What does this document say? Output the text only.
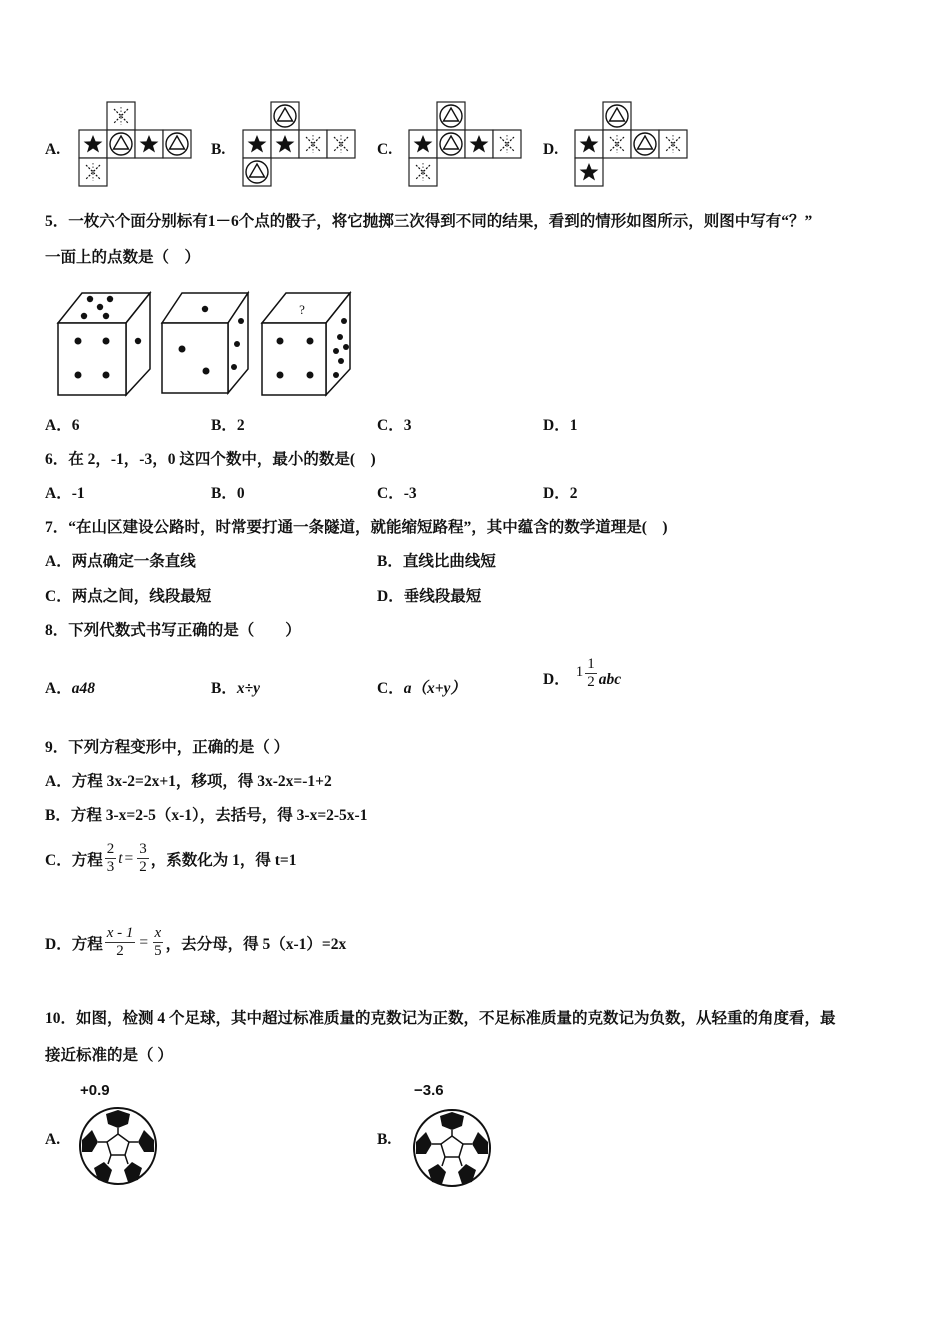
A.	B.	C.	D.
5．一枚六个面分别标有1－6个点的骰子，将它抛掷三次得到不同的结果，看到的情形如图所示，则图中写有“？”
一面上的点数是（　）
?
A．6	B．2	C．3	D．1
6．在 2，-1，-3，0 这四个数中，最小的数是(　)
A．-1	B．0	C．-3	D．2
7．“在山区建设公路时，时常要打通一条隧道，就能缩短路程”，其中蕴含的数学道理是(　)
A．两点确定一条直线	B．直线比曲线短
C．两点之间，线段最短	D．垂线段最短
8．下列代数式书写正确的是（　　）
A．a48	B．x÷y	C．a（x+y）
D． $1 \frac{1}{2}$ abc
9．下列方程变形中，正确的是（ ）
A．方程 3x-2=2x+1，移项，得 3x-2x=-1+2
B．方程 3-x=2-5（x-1），去括号，得 3-x=2-5x-1
C．方程 $\frac{2}{3}$ $t = \frac{3}{2}$ ，系数化为 1，得 t=1
D．方程 $\frac{x - 1}{2} = \frac{x}{5}$ ，去分母，得 5（x-1）=2x
10．如图，检测 4 个足球，其中超过标准质量的克数记为正数，不足标准质量的克数记为负数，从轻重的角度看，最
接近标准的是（ ）
A.
+0.9
B.
−3.6
